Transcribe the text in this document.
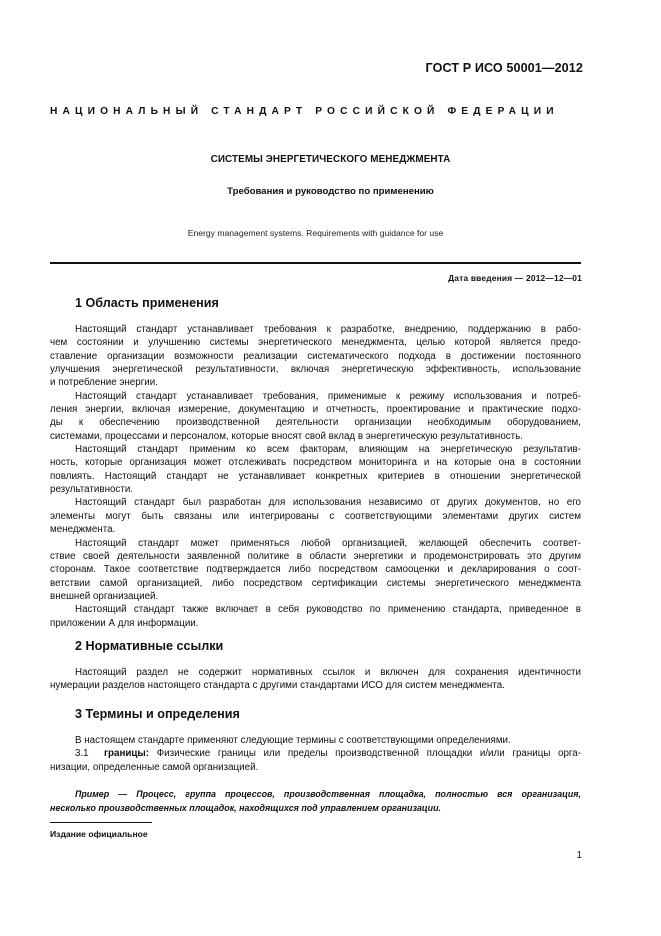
ГОСТ Р ИСО 50001—2012
НАЦИОНАЛЬНЫЙ СТАНДАРТ РОССИЙСКОЙ ФЕДЕРАЦИИ
СИСТЕМЫ ЭНЕРГЕТИЧЕСКОГО МЕНЕДЖМЕНТА
Требования и руководство по применению
Energy management systems. Requirements with guidance for use
Дата введения — 2012—12—01
1 Область применения
Настоящий стандарт устанавливает требования к разработке, внедрению, поддержанию в рабо-
чем состоянии и улучшению системы энергетического менеджмента, целью которой является предо-
ставление организации возможности реализации систематического подхода в достижении постоянного
улучшения энергетической результативности, включая энергетическую эффективность, использование
и потребление энергии.
Настоящий стандарт устанавливает требования, применимые к режиму использования и потреб-
ления энергии, включая измерение, документацию и отчетность, проектирование и практические подхо-
ды к обеспечению производственной деятельности организации необходимым оборудованием,
системами, процессами и персоналом, которые вносят свой вклад в энергетическую результативность.
Настоящий стандарт применим ко всем факторам, влияющим на энергетическую результатив-
ность, которые организация может отслеживать посредством мониторинга и на которые она в состоянии
повлиять. Настоящий стандарт не устанавливает конкретных критериев в отношении энергетической
результативности.
Настоящий стандарт был разработан для использования независимо от других документов, но его
элементы могут быть связаны или интегрированы с соответствующими элементами других систем
менеджмента.
Настоящий стандарт может применяться любой организацией, желающей обеспечить соответ-
ствие своей деятельности заявленной политике в области энергетики и продемонстрировать это другим
сторонам. Такое соответствие подтверждается либо посредством самооценки и декларирования о соот-
ветствии самой организацией, либо посредством сертификации системы энергетического менеджмента
внешней организацией.
Настоящий стандарт также включает в себя руководство по применению стандарта, приведенное в
приложении А для информации.
2 Нормативные ссылки
Настоящий раздел не содержит нормативных ссылок и включен для сохранения идентичности
нумерации разделов настоящего стандарта с другими стандартами ИСО для систем менеджмента.
3 Термины и определения
В настоящем стандарте применяют следующие термины с соответствующими определениями.
3.1 границы: Физические границы или пределы производственной площадки и/или границы орга-
низации, определенные самой организацией.
Пример — Процесс, группа процессов, производственная площадка, полностью вся организация,
несколько производственных площадок, находящихся под управлением организации.
Издание официальное
1
